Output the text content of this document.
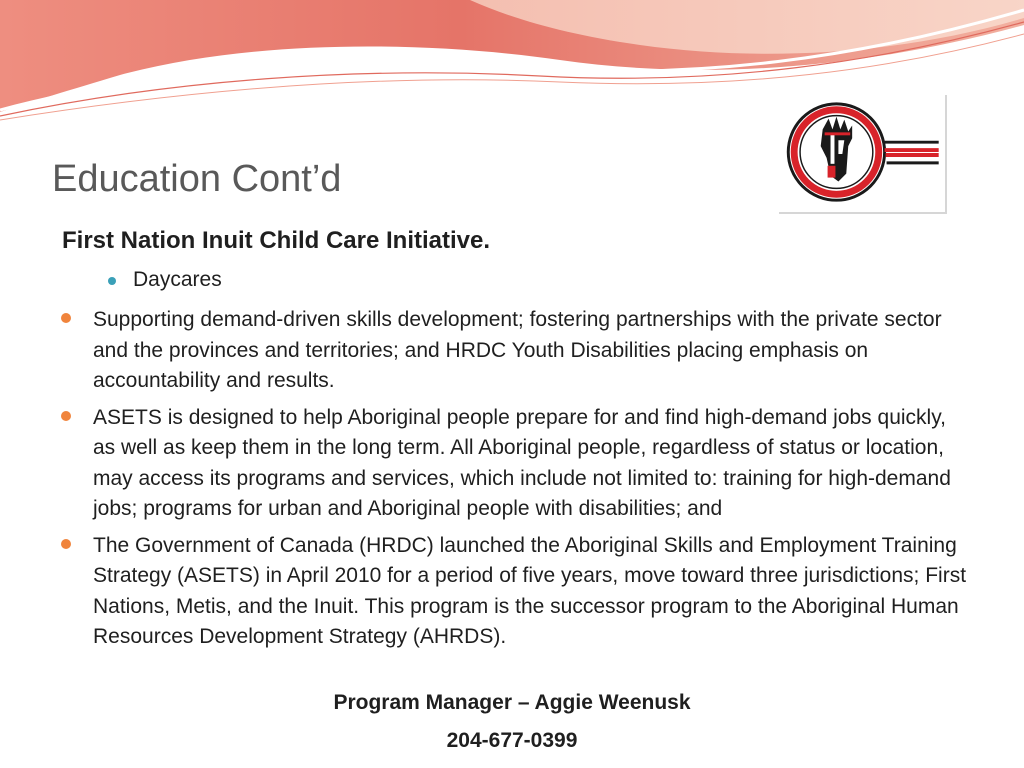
Education Cont’d
First Nation Inuit Child Care Initiative.
Daycares
Supporting demand-driven skills development; fostering partnerships with the private sector and the provinces and territories; and HRDC Youth Disabilities placing emphasis on accountability and results.
ASETS is designed to help Aboriginal people prepare for and find high-demand jobs quickly, as well as keep them in the long term. All Aboriginal people, regardless of status or location, may access its programs and services, which include not limited to: training for high-demand jobs; programs for urban and Aboriginal people with disabilities; and
The Government of Canada (HRDC) launched the Aboriginal Skills and Employment Training Strategy (ASETS) in April 2010 for a period of five years, move toward three jurisdictions; First Nations, Metis, and the Inuit. This program is the successor program to the Aboriginal Human Resources Development Strategy (AHRDS).

Program Manager – Aggie Weenusk

204-677-0399
